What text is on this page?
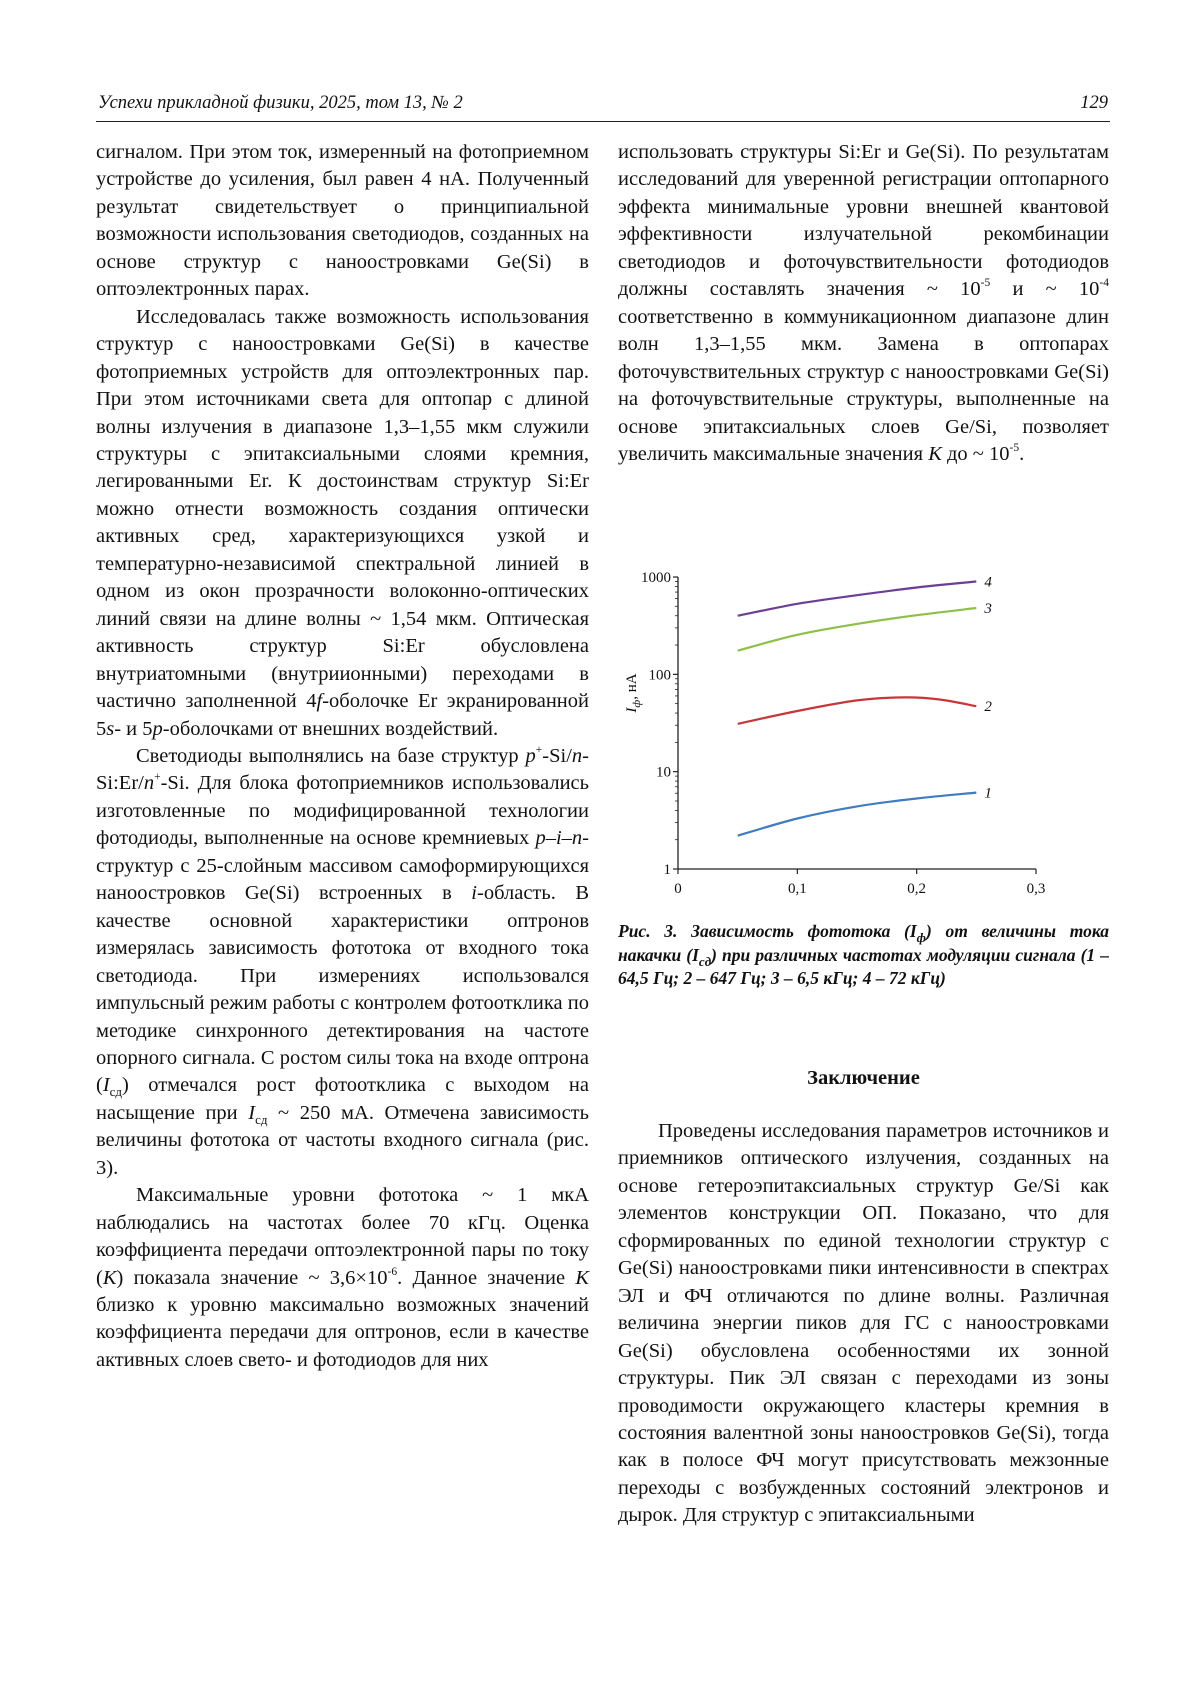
Успехи прикладной физики, 2025, том 13, № 2	129

сигналом. При этом ток, измеренный на фотоприемном устройстве до усиления, был равен 4 нА. Полученный результат свидетельствует о принципиальной возможности использования светодиодов, созданных на основе структур с наноостровками Ge(Si) в оптоэлектронных парах.

Исследовалась также возможность использования структур с наноостровками Ge(Si) в качестве фотоприемных устройств для оптоэлектронных пар. При этом источниками света для оптопар с длиной волны излучения в диапазоне 1,3–1,55 мкм служили структуры с эпитаксиальными слоями кремния, легированными Er. К достоинствам структур Si:Er можно отнести возможность создания оптически активных сред, характеризующихся узкой и температурно-независимой спектральной линией в одном из окон прозрачности волоконно-оптических линий связи на длине волны ~ 1,54 мкм. Оптическая активность структур Si:Er обусловлена внутриатомными (внутриионными) переходами в частично заполненной 4f-оболочке Er экранированной 5s- и 5p-оболочками от внешних воздействий.

Светодиоды выполнялись на базе структур p+-Si/n-Si:Er/n+-Si. Для блока фотоприемников использовались изготовленные по модифицированной технологии фотодиоды, выполненные на основе кремниевых p–i–n-структур с 25-слойным массивом самоформирующихся наноостровков Ge(Si) встроенных в i-область. В качестве основной характеристики оптронов измерялась зависимость фототока от входного тока светодиода. При измерениях использовался импульсный режим работы с контролем фотоотклика по методике синхронного детектирования на частоте опорного сигнала. С ростом силы тока на входе оптрона $(I_{сд})$ отмечался рост фотоотклика с выходом на насыщение при $I_{сд}$ ~ 250 мА. Отмечена зависимость величины фототока от частоты входного сигнала (рис. 3).

Максимальные уровни фототока ~ 1 мкА наблюдались на частотах более 70 кГц. Оценка коэффициента передачи оптоэлектронной пары по току (K) показала значение ~ $3,6\times 10^{-6}$. Данное значение K близко к уровню максимально возможных значений коэффициента передачи для оптронов, если в качестве активных слоев свето- и фотодиодов для них

использовать структуры Si:Er и Ge(Si). По результатам исследований для уверенной регистрации оптопарного эффекта минимальные уровни внешней квантовой эффективности излучательной рекомбинации светодиодов и фоточувствительности фотодиодов должны составлять значения ~ $10^{-5}$ и ~ $10^{-4}$ соответственно в коммуникационном диапазоне длин волн 1,3–1,55 мкм. Замена в оптопарах фоточувствительных структур с наноостровками Ge(Si) на фоточувствительные структуры, выполненные на основе эпитаксиальных слоев Ge/Si, позволяет увеличить максимальные значения K до ~ $10^{-5}$.

1
10
100
1000
0	0,1	0,2	0,3
$I_ф$, нА
1
2
3
4
Рис. 3. Зависимость фототока $(I_ф)$ от величины тока накачки $(I_{сд})$ при различных частотах модуляции сигнала (1 – 64,5 Гц; 2 – 647 Гц; 3 – 6,5 кГц; 4 – 72 кГц)
Заключение

Проведены исследования параметров источников и приемников оптического излучения, созданных на основе гетероэпитаксиальных структур Ge/Si как элементов конструкции ОП. Показано, что для сформированных по единой технологии структур с Ge(Si) наноостровками пики интенсивности в спектрах ЭЛ и ФЧ отличаются по длине волны. Различная величина энергии пиков для ГС с наноостровками Ge(Si) обусловлена особенностями их зонной структуры. Пик ЭЛ связан с переходами из зоны проводимости окружающего кластеры кремния в состояния валентной зоны наноостровков Ge(Si), тогда как в полосе ФЧ могут присутствовать межзонные переходы с возбужденных состояний электронов и дырок. Для структур с эпитаксиальными
